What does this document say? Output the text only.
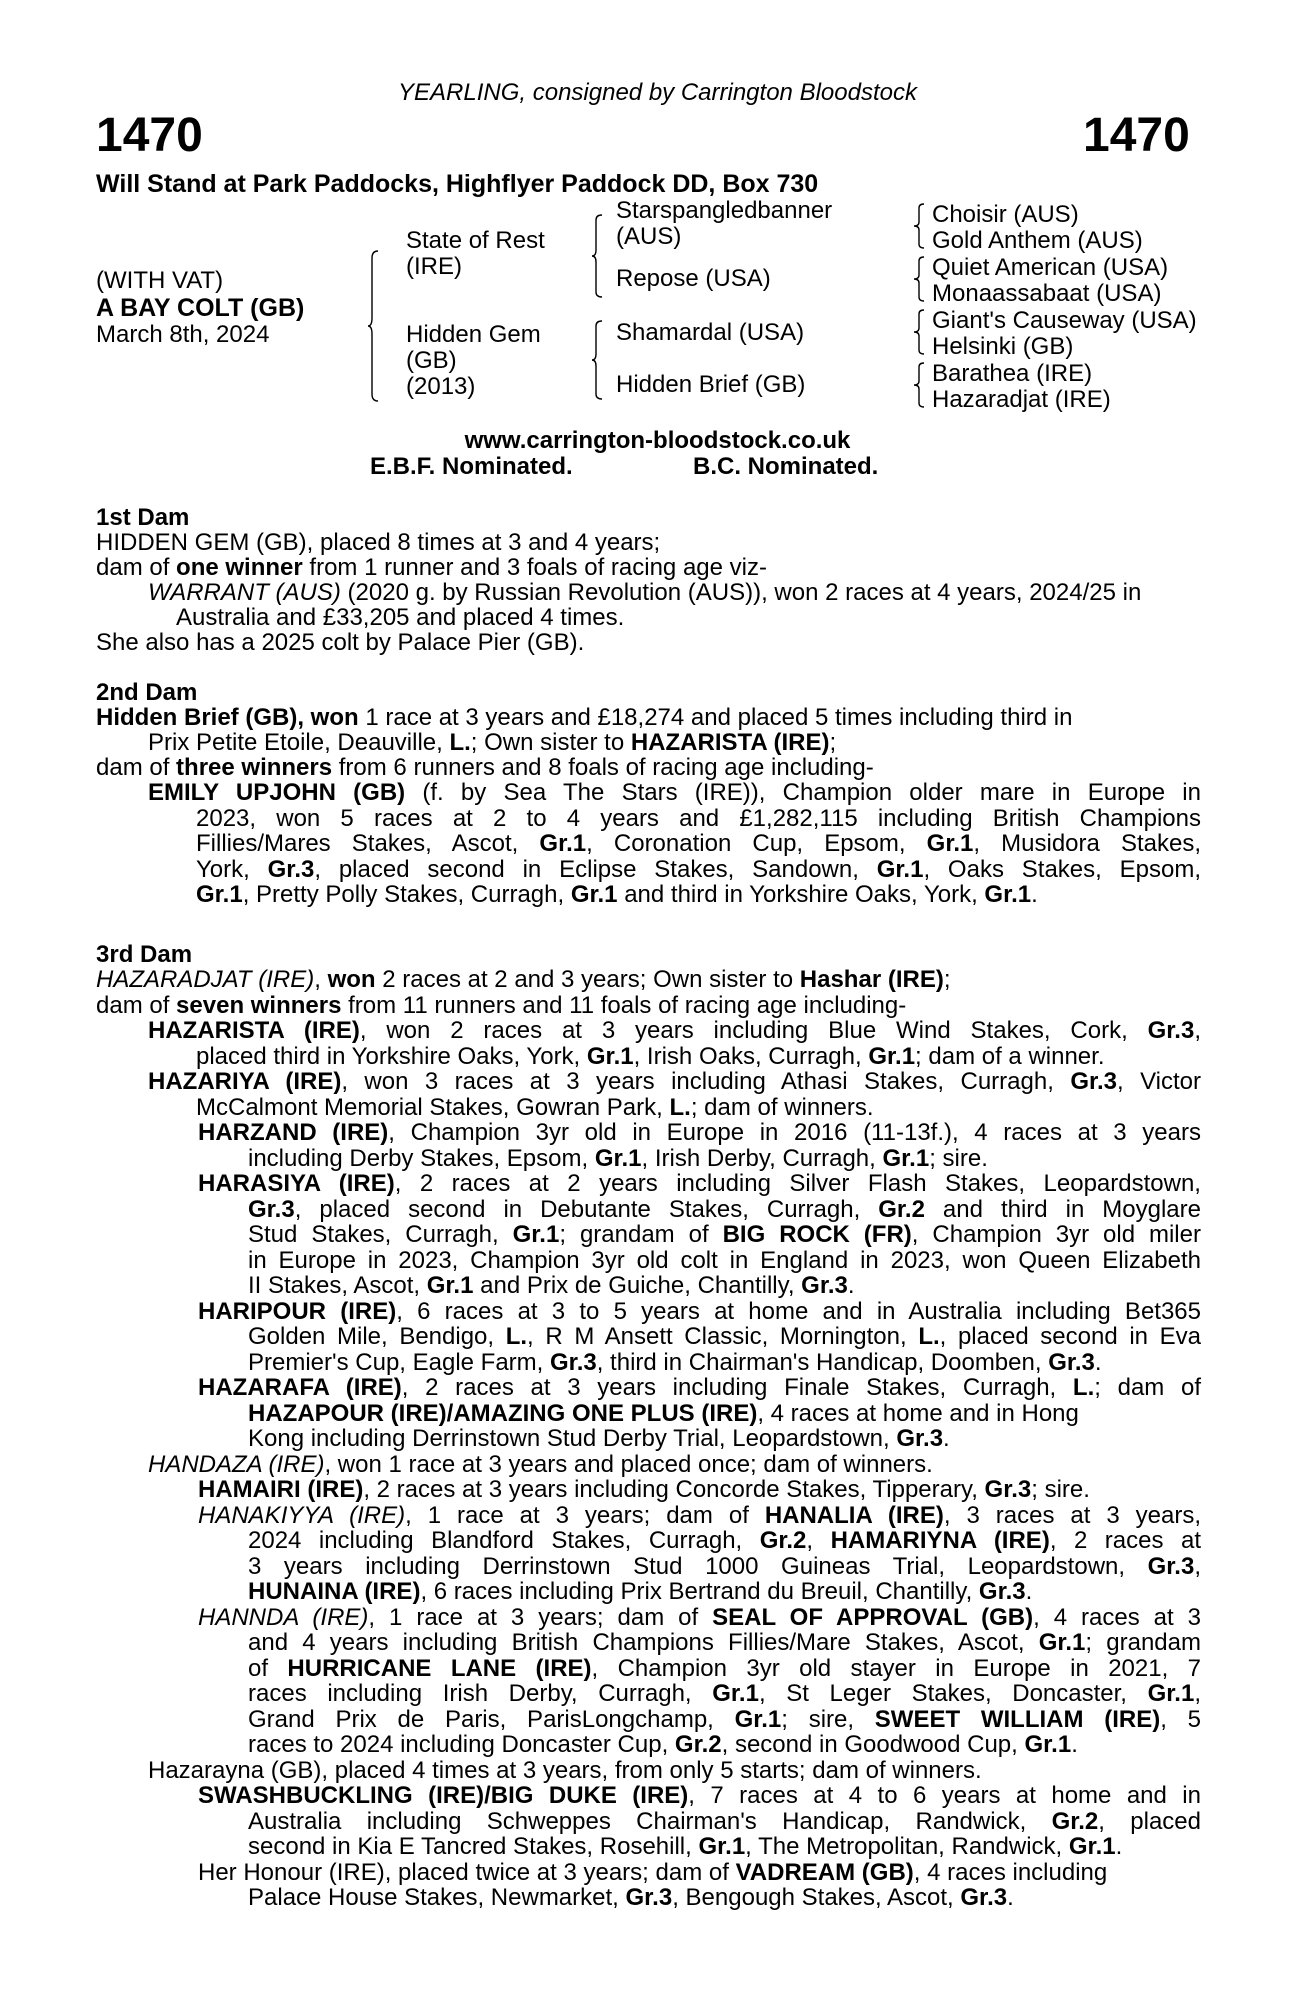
YEARLING, consigned by Carrington Bloodstock
1470	1470
Will Stand at Park Paddocks, Highflyer Paddock DD, Box 730
(WITH VAT)
A BAY COLT (GB)
March 8th, 2024
State of Rest
(IRE)
Hidden Gem
(GB)
(2013)
Starspangledbanner
(AUS)
Repose (USA)
Shamardal (USA)
Hidden Brief (GB)
Choisir (AUS)
Gold Anthem (AUS)
Quiet American (USA)
Monaassabaat (USA)
Giant's Causeway (USA)
Helsinki (GB)
Barathea (IRE)
Hazaradjat (IRE)
www.carrington-bloodstock.co.uk
E.B.F. Nominated.	B.C. Nominated.
1st Dam
HIDDEN GEM (GB), placed 8 times at 3 and 4 years;
dam of one winner from 1 runner and 3 foals of racing age viz-
WARRANT (AUS) (2020 g. by Russian Revolution (AUS)), won 2 races at 4 years, 2024/25 in
Australia and £33,205 and placed 4 times.
She also has a 2025 colt by Palace Pier (GB).
2nd Dam
Hidden Brief (GB), won 1 race at 3 years and £18,274 and placed 5 times including third in
Prix Petite Etoile, Deauville, L.; Own sister to HAZARISTA (IRE);
dam of three winners from 6 runners and 8 foals of racing age including-
EMILY UPJOHN (GB) (f. by Sea The Stars (IRE)), Champion older mare in Europe in
2023, won 5 races at 2 to 4 years and £1,282,115 including British Champions
Fillies/Mares Stakes, Ascot, Gr.1, Coronation Cup, Epsom, Gr.1, Musidora Stakes,
York, Gr.3, placed second in Eclipse Stakes, Sandown, Gr.1, Oaks Stakes, Epsom,
Gr.1, Pretty Polly Stakes, Curragh, Gr.1 and third in Yorkshire Oaks, York, Gr.1.
3rd Dam
HAZARADJAT (IRE), won 2 races at 2 and 3 years; Own sister to Hashar (IRE);
dam of seven winners from 11 runners and 11 foals of racing age including-
HAZARISTA (IRE), won 2 races at 3 years including Blue Wind Stakes, Cork, Gr.3,
placed third in Yorkshire Oaks, York, Gr.1, Irish Oaks, Curragh, Gr.1; dam of a winner.
HAZARIYA (IRE), won 3 races at 3 years including Athasi Stakes, Curragh, Gr.3, Victor
McCalmont Memorial Stakes, Gowran Park, L.; dam of winners.
HARZAND (IRE), Champion 3yr old in Europe in 2016 (11-13f.), 4 races at 3 years
including Derby Stakes, Epsom, Gr.1, Irish Derby, Curragh, Gr.1; sire.
HARASIYA (IRE), 2 races at 2 years including Silver Flash Stakes, Leopardstown,
Gr.3, placed second in Debutante Stakes, Curragh, Gr.2 and third in Moyglare
Stud Stakes, Curragh, Gr.1; grandam of BIG ROCK (FR), Champion 3yr old miler
in Europe in 2023, Champion 3yr old colt in England in 2023, won Queen Elizabeth
II Stakes, Ascot, Gr.1 and Prix de Guiche, Chantilly, Gr.3.
HARIPOUR (IRE), 6 races at 3 to 5 years at home and in Australia including Bet365
Golden Mile, Bendigo, L., R M Ansett Classic, Mornington, L., placed second in Eva
Premier's Cup, Eagle Farm, Gr.3, third in Chairman's Handicap, Doomben, Gr.3.
HAZARAFA (IRE), 2 races at 3 years including Finale Stakes, Curragh, L.; dam of
HAZAPOUR (IRE)/AMAZING ONE PLUS (IRE), 4 races at home and in Hong
Kong including Derrinstown Stud Derby Trial, Leopardstown, Gr.3.
HANDAZA (IRE), won 1 race at 3 years and placed once; dam of winners.
HAMAIRI (IRE), 2 races at 3 years including Concorde Stakes, Tipperary, Gr.3; sire.
HANAKIYYA (IRE), 1 race at 3 years; dam of HANALIA (IRE), 3 races at 3 years,
2024 including Blandford Stakes, Curragh, Gr.2, HAMARIYNA (IRE), 2 races at
3 years including Derrinstown Stud 1000 Guineas Trial, Leopardstown, Gr.3,
HUNAINA (IRE), 6 races including Prix Bertrand du Breuil, Chantilly, Gr.3.
HANNDA (IRE), 1 race at 3 years; dam of SEAL OF APPROVAL (GB), 4 races at 3
and 4 years including British Champions Fillies/Mare Stakes, Ascot, Gr.1; grandam
of HURRICANE LANE (IRE), Champion 3yr old stayer in Europe in 2021, 7
races including Irish Derby, Curragh, Gr.1, St Leger Stakes, Doncaster, Gr.1,
Grand Prix de Paris, ParisLongchamp, Gr.1; sire, SWEET WILLIAM (IRE), 5
races to 2024 including Doncaster Cup, Gr.2, second in Goodwood Cup, Gr.1.
Hazarayna (GB), placed 4 times at 3 years, from only 5 starts; dam of winners.
SWASHBUCKLING (IRE)/BIG DUKE (IRE), 7 races at 4 to 6 years at home and in
Australia including Schweppes Chairman's Handicap, Randwick, Gr.2, placed
second in Kia E Tancred Stakes, Rosehill, Gr.1, The Metropolitan, Randwick, Gr.1.
Her Honour (IRE), placed twice at 3 years; dam of VADREAM (GB), 4 races including
Palace House Stakes, Newmarket, Gr.3, Bengough Stakes, Ascot, Gr.3.
